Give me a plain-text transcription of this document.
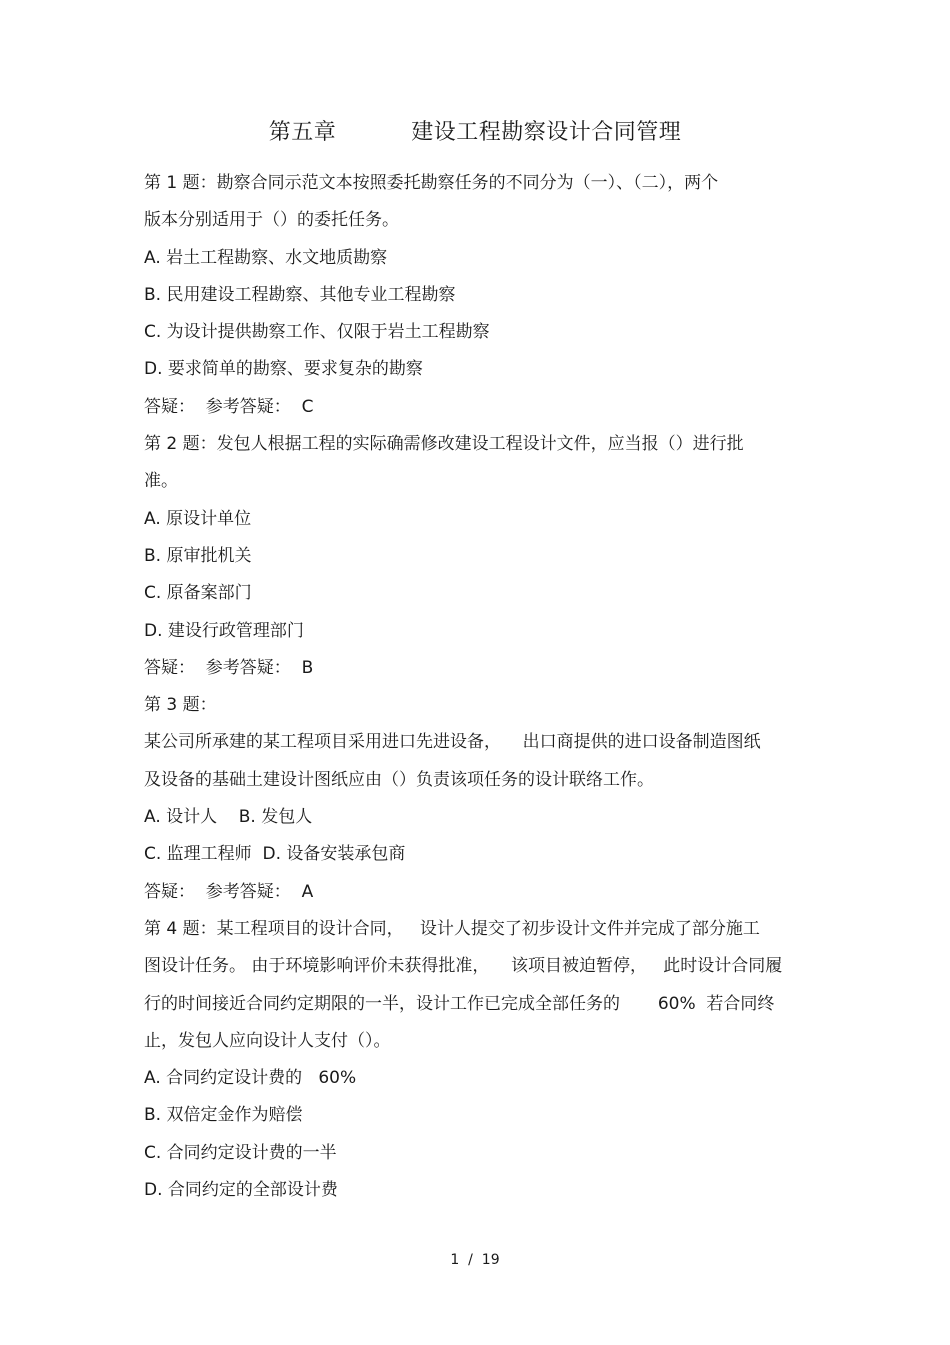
第五章          建设工程勘察设计合同管理
第 1 题：勘察合同示范文本按照委托勘察任务的不同分为（一）、（二），两个
版本分别适用于（）的委托任务。
A. 岩土工程勘察、水文地质勘察
B. 民用建设工程勘察、其他专业工程勘察
C. 为设计提供勘察工作、仅限于岩土工程勘察
D. 要求简单的勘察、要求复杂的勘察
答疑：  参考答疑：  C
第 2 题：发包人根据工程的实际确需修改建设工程设计文件，应当报（）进行批
准。
A. 原设计单位
B. 原审批机关
C. 原备案部门
D. 建设行政管理部门
答疑：  参考答疑：  B
第 3 题：
某公司所承建的某工程项目采用进口先进设备，    出口商提供的进口设备制造图纸
及设备的基础土建设计图纸应由（）负责该项任务的设计联络工作。
A. 设计人    B. 发包人
C. 监理工程师  D. 设备安装承包商
答疑：  参考答疑：  A
第 4 题：某工程项目的设计合同，   设计人提交了初步设计文件并完成了部分施工
图设计任务。 由于环境影响评价未获得批准，    该项目被迫暂停，   此时设计合同履
行的时间接近合同约定期限的一半，设计工作已完成全部任务的       60%  若合同终
止，发包人应向设计人支付（）。
A. 合同约定设计费的   60%
B. 双倍定金作为赔偿
C. 合同约定设计费的一半
D. 合同约定的全部设计费
1  /  19
